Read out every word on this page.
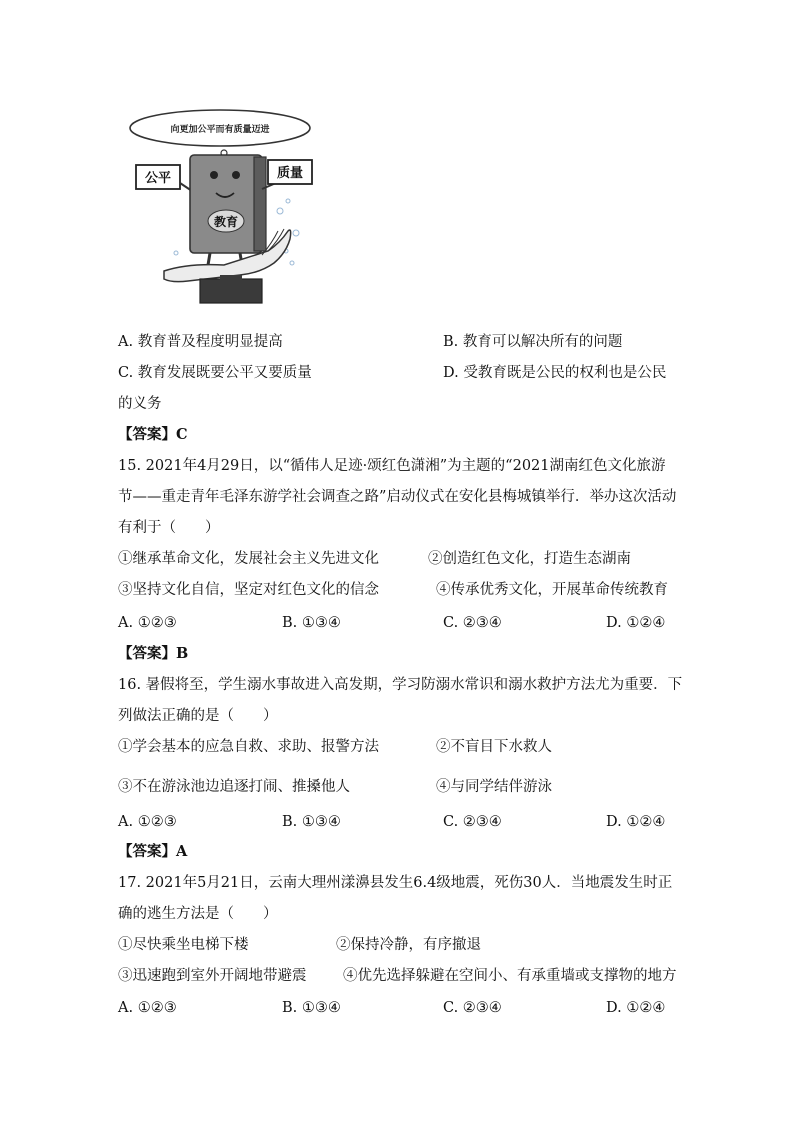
向更加公平而有质量迈进
公平
教育
质量
A. 教育普及程度明显提高	B. 教育可以解决所有的问题
C. 教育发展既要公平又要质量	D. 受教育既是公民的权利也是公民
的义务
【答案】C
15. 2021年4月29日，以“循伟人足迹·颂红色潇湘”为主题的“2021湖南红色文化旅游
节——重走青年毛泽东游学社会调查之路”启动仪式在安化县梅城镇举行．举办这次活动
有利于（　　）
①继承革命文化，发展社会主义先进文化	②创造红色文化，打造生态湖南
③坚持文化自信，坚定对红色文化的信念	④传承优秀文化，开展革命传统教育
A. ①②③	B. ①③④	C. ②③④	D. ①②④
【答案】B
16. 暑假将至，学生溺水事故进入高发期，学习防溺水常识和溺水救护方法尤为重要．下
列做法正确的是（　　）
①学会基本的应急自救、求助、报警方法	②不盲目下水救人
③不在游泳池边追逐打闹、推搡他人	④与同学结伴游泳
A. ①②③	B. ①③④	C. ②③④	D. ①②④
【答案】A
17. 2021年5月21日，云南大理州漾濞县发生6.4级地震，死伤30人．当地震发生时正
确的逃生方法是（　　）
①尽快乘坐电梯下楼	②保持冷静，有序撤退
③迅速跑到室外开阔地带避震	④优先选择躲避在空间小、有承重墙或支撑物的地方
A. ①②③	B. ①③④	C. ②③④	D. ①②④
